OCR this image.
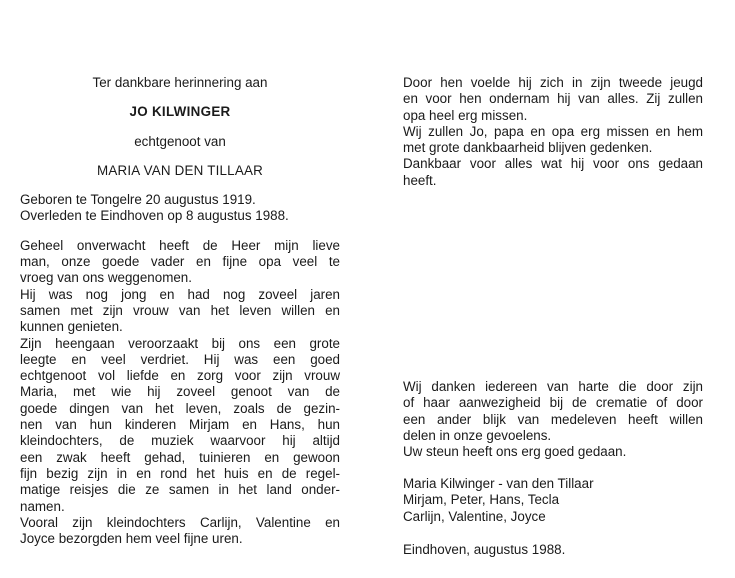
Ter dankbare herinnering aan
JO KILWINGER
echtgenoot van
MARIA VAN DEN TILLAAR
Geboren te Tongelre 20 augustus 1919.
Overleden te Eindhoven op 8 augustus 1988.
Geheel onverwacht heeft de Heer mijn lieve
man, onze goede vader en fijne opa veel te
vroeg van ons weggenomen.
Hij was nog jong en had nog zoveel jaren
samen met zijn vrouw van het leven willen en
kunnen genieten.
Zijn heengaan veroorzaakt bij ons een grote
leegte en veel verdriet. Hij was een goed
echtgenoot vol liefde en zorg voor zijn vrouw
Maria, met wie hij zoveel genoot van de
goede dingen van het leven, zoals de gezin-
nen van hun kinderen Mirjam en Hans, hun
kleindochters, de muziek waarvoor hij altijd
een zwak heeft gehad, tuinieren en gewoon
fijn bezig zijn in en rond het huis en de regel-
matige reisjes die ze samen in het land onder-
namen.
Vooral zijn kleindochters Carlijn, Valentine en
Joyce bezorgden hem veel fijne uren.
Door hen voelde hij zich in zijn tweede jeugd
en voor hen ondernam hij van alles. Zij zullen
opa heel erg missen.
Wij zullen Jo, papa en opa erg missen en hem
met grote dankbaarheid blijven gedenken.
Dankbaar voor alles wat hij voor ons gedaan
heeft.
Wij danken iedereen van harte die door zijn
of haar aanwezigheid bij de crematie of door
een ander blijk van medeleven heeft willen
delen in onze gevoelens.
Uw steun heeft ons erg goed gedaan.
Maria Kilwinger - van den Tillaar
Mirjam, Peter, Hans, Tecla
Carlijn, Valentine, Joyce
Eindhoven, augustus 1988.
